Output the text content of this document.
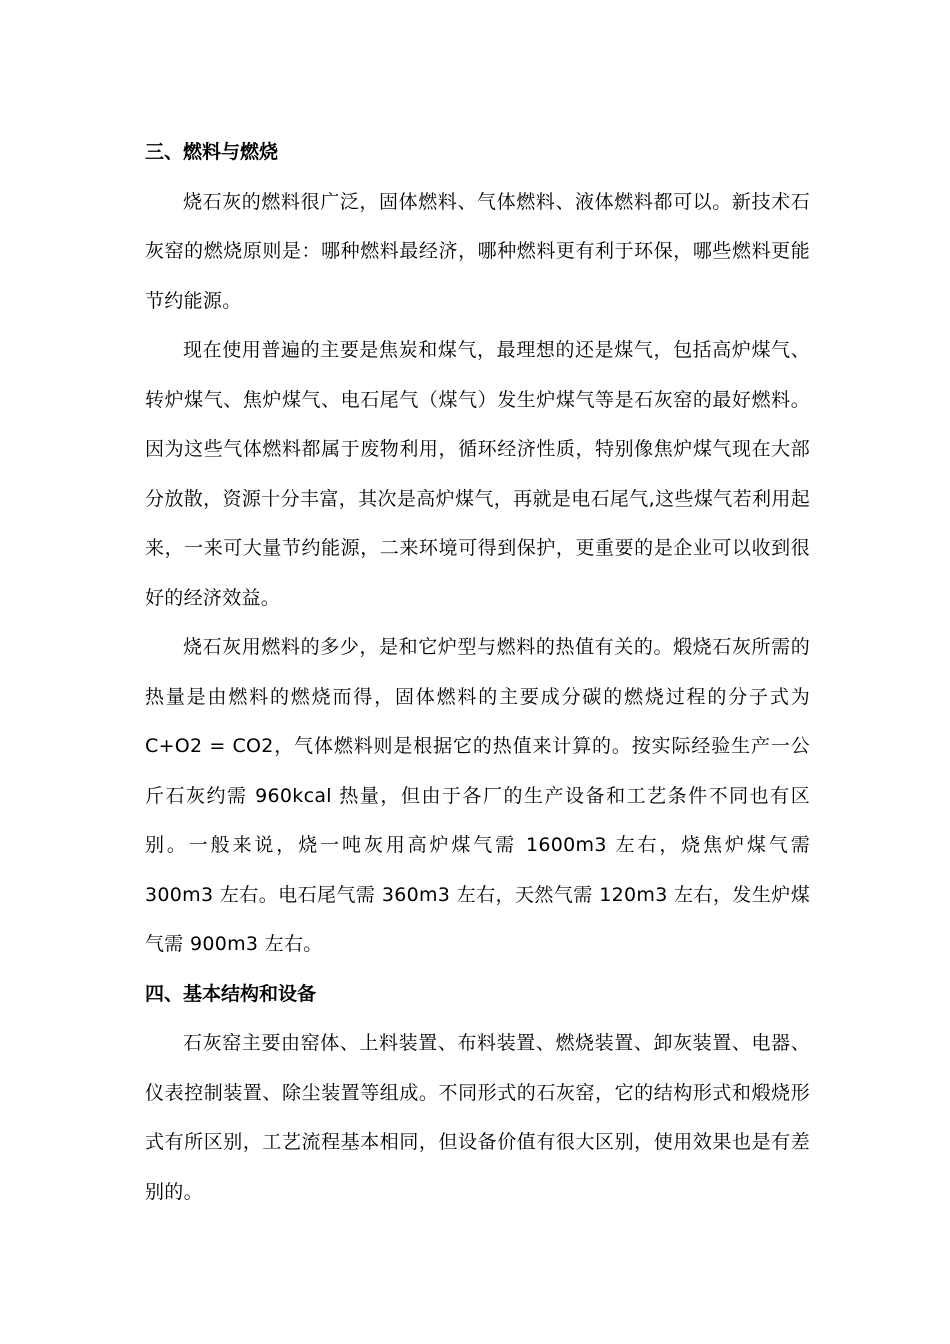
三、燃料与燃烧

烧石灰的燃料很广泛，固体燃料、气体燃料、液体燃料都可以。新技术石灰窑的燃烧原则是：哪种燃料最经济，哪种燃料更有利于环保，哪些燃料更能节约能源。

现在使用普遍的主要是焦炭和煤气，最理想的还是煤气，包括高炉煤气、转炉煤气、焦炉煤气、电石尾气（煤气）发生炉煤气等是石灰窑的最好燃料。因为这些气体燃料都属于废物利用，循环经济性质，特别像焦炉煤气现在大部分放散，资源十分丰富，其次是高炉煤气，再就是电石尾气,这些煤气若利用起来，一来可大量节约能源，二来环境可得到保护，更重要的是企业可以收到很好的经济效益。

烧石灰用燃料的多少，是和它炉型与燃料的热值有关的。煅烧石灰所需的热量是由燃料的燃烧而得，固体燃料的主要成分碳的燃烧过程的分子式为 C+O2 = CO2，气体燃料则是根据它的热值来计算的。按实际经验生产一公斤石灰约需 960kcal 热量，但由于各厂的生产设备和工艺条件不同也有区别。一般来说，烧一吨灰用高炉煤气需 1600m3 左右，烧焦炉煤气需 300m3 左右。电石尾气需 360m3 左右，天然气需 120m3 左右，发生炉煤气需 900m3 左右。

四、基本结构和设备

石灰窑主要由窑体、上料装置、布料装置、燃烧装置、卸灰装置、电器、仪表控制装置、除尘装置等组成。不同形式的石灰窑，它的结构形式和煅烧形式有所区别，工艺流程基本相同，但设备价值有很大区别，使用效果也是有差别的。
